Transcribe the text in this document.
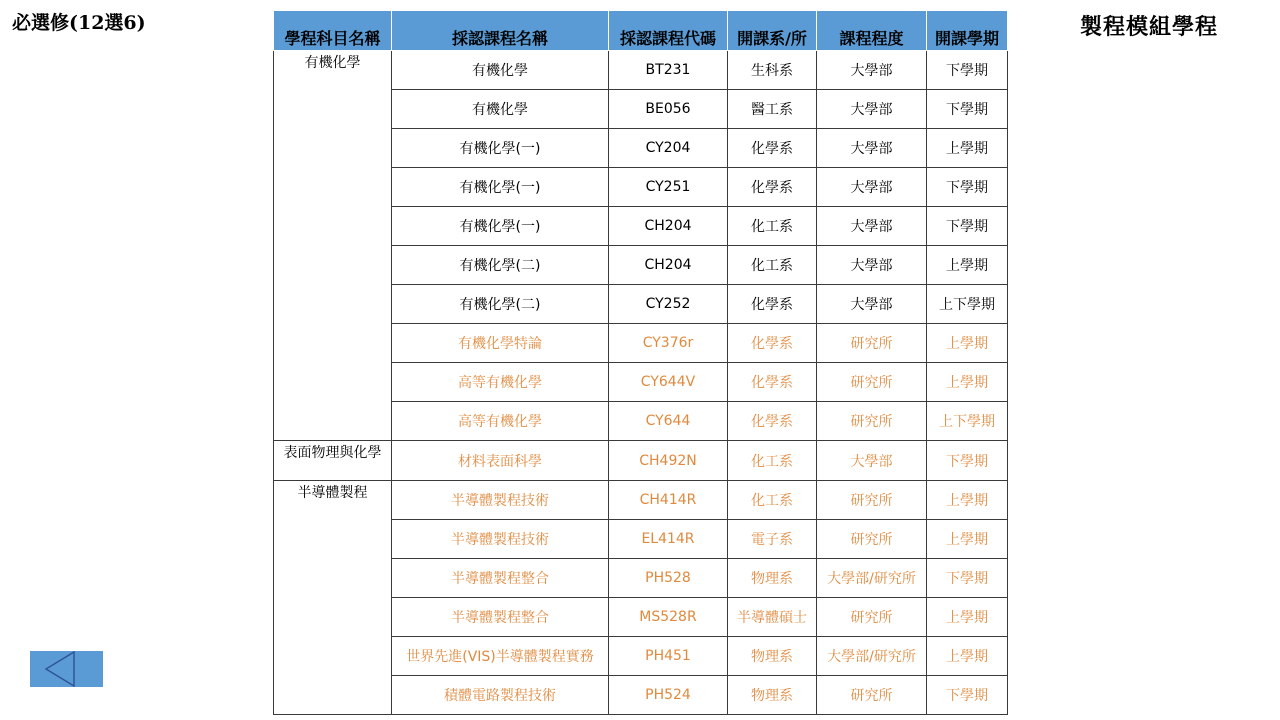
必選修(12選6)	製程模組學程
學程科目名稱	採認課程名稱	採認課程代碼	開課系/所	課程程度	開課學期
有機化學	有機化學	BT231	生科系	大學部	下學期
	有機化學	BE056	醫工系	大學部	下學期
	有機化學(一)	CY204	化學系	大學部	上學期
	有機化學(一)	CY251	化學系	大學部	下學期
	有機化學(一)	CH204	化工系	大學部	下學期
	有機化學(二)	CH204	化工系	大學部	上學期
	有機化學(二)	CY252	化學系	大學部	上下學期
	有機化學特論	CY376r	化學系	研究所	上學期
	高等有機化學	CY644V	化學系	研究所	上學期
	高等有機化學	CY644	化學系	研究所	上下學期
表面物理與化學	材料表面科學	CH492N	化工系	大學部	下學期
半導體製程	半導體製程技術	CH414R	化工系	研究所	上學期
	半導體製程技術	EL414R	電子系	研究所	上學期
	半導體製程整合	PH528	物理系	大學部/研究所	下學期
	半導體製程整合	MS528R	半導體碩士	研究所	上學期
	世界先進(VIS)半導體製程實務	PH451	物理系	大學部/研究所	上學期
	積體電路製程技術	PH524	物理系	研究所	下學期
